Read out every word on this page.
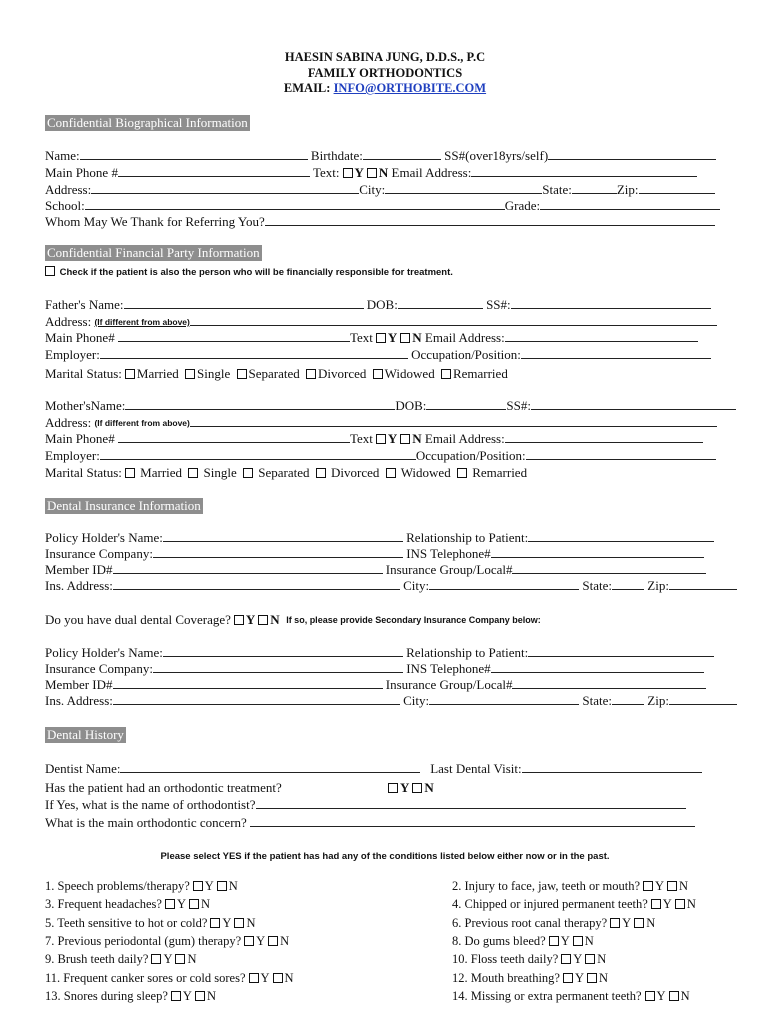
HAESIN SABINA JUNG, D.D.S., P.C
FAMILY ORTHODONTICS
EMAIL: INFO@ORTHOBITE.COM
Confidential Biographical Information
Name:	Birthdate:	SS#(over18yrs/self)
Main Phone #	Text: Y N Email Address:
Address:	City:	State:	Zip:
School:	Grade:
Whom May We Thank for Referring You?
Confidential Financial Party Information
Check if the patient is also the person who will be financially responsible for treatment.
Father's Name:	DOB:	SS#:
Address: (If different from above)
Main Phone#	Text Y N Email Address:
Employer:	Occupation/Position:
Marital Status: Married Single Separated Divorced Widowed Remarried
Mother'sName:	DOB:	SS#:
Address: (If different from above)
Main Phone#	Text Y N Email Address:
Employer:	Occupation/Position:
Marital Status: Married Single Separated Divorced Widowed Remarried
Dental Insurance Information
Policy Holder's Name:	Relationship to Patient:
Insurance Company:	INS Telephone#
Member ID#	Insurance Group/Local#
Ins. Address:	City:	State:	Zip:
Do you have dual dental Coverage? Y N If so, please provide Secondary Insurance Company below:
Policy Holder's Name:	Relationship to Patient:
Insurance Company:	INS Telephone#
Member ID#	Insurance Group/Local#
Ins. Address:	City:	State:	Zip:
Dental History
Dentist Name:	Last Dental Visit:
Has the patient had an orthodontic treatment?	Y N
If Yes, what is the name of orthodontist?
What is the main orthodontic concern?
Please select YES if the patient has had any of the conditions listed below either now or in the past.
1. Speech problems/therapy? Y N
3. Frequent headaches? Y N
5. Teeth sensitive to hot or cold? Y N
7. Previous periodontal (gum) therapy? Y N
9. Brush teeth daily? Y N
11. Frequent canker sores or cold sores? Y N
13. Snores during sleep? Y N
2. Injury to face, jaw, teeth or mouth? Y N
4. Chipped or injured permanent teeth? Y N
6. Previous root canal therapy? Y N
8. Do gums bleed? Y N
10. Floss teeth daily? Y N
12. Mouth breathing? Y N
14. Missing or extra permanent teeth? Y N
